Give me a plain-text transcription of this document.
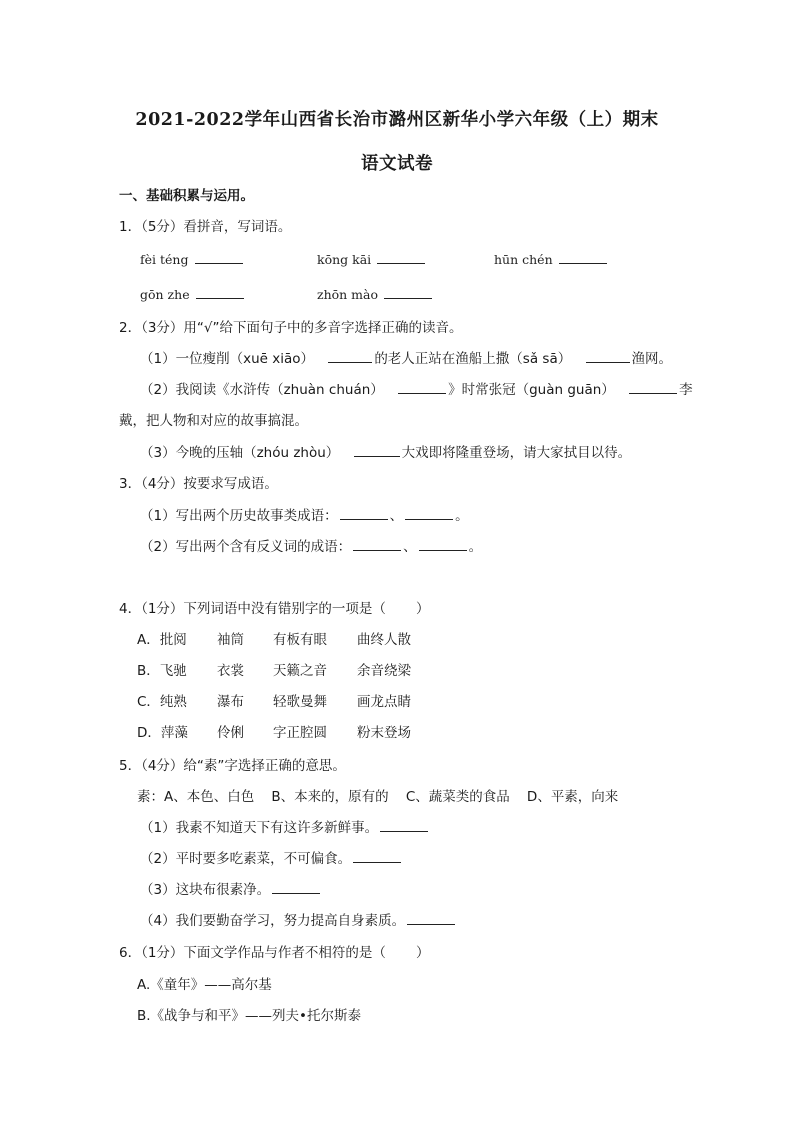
2021-2022学年山西省长治市潞州区新华小学六年级（上）期末
语文试卷
一、基础积累与运用。
1．（5分）看拼音，写词语。
fèi téng	kōng kāi	hūn chén
gōn zhe	zhōn mào
2．（3分）用“√”给下面句子中的多音字选择正确的读音。
（1）一位瘦削（xuē xiāo）	的老人正站在渔船上撒（sǎ sā）	渔网。
（2）我阅读《水浒传（zhuàn chuán）	》时常张冠（guàn guān）	李
戴，把人物和对应的故事搞混。
（3）今晚的压轴（zhóu zhòu）	大戏即将隆重登场，请大家拭目以待。
3．（4分）按要求写成语。
（1）写出两个历史故事类成语：	、	。
（2）写出两个含有反义词的成语：	、	。
4．（1分）下列词语中没有错别字的一项是（ ）
A．批阅 袖筒 有板有眼 曲终人散
B．飞驰 衣裳 天籁之音 余音绕梁
C．纯熟 瀑布 轻歌曼舞 画龙点睛
D．萍藻 伶俐 字正腔圆 粉末登场
5．（4分）给“素”字选择正确的意思。
素：A、本色、白色    B、本来的，原有的    C、蔬菜类的食品    D、平素，向来
（1）我素不知道天下有这许多新鲜事。
（2）平时要多吃素菜，不可偏食。
（3）这块布很素净。
（4）我们要勤奋学习，努力提高自身素质。
6．（1分）下面文学作品与作者不相符的是（ ）
A.《童年》——高尔基
B.《战争与和平》——列夫•托尔斯泰
